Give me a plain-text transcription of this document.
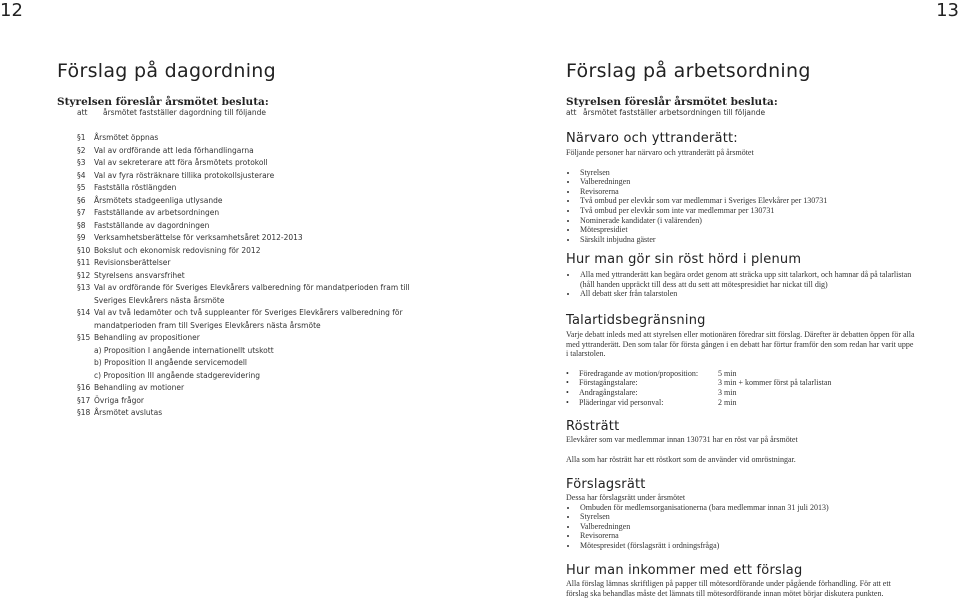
12	13
Förslag på dagordning
Styrelsen föreslår årsmötet besluta:
att årsmötet fastställer dagordning till följande
§1 Årsmötet öppnas
§2 Val av ordförande att leda förhandlingarna
§3 Val av sekreterare att föra årsmötets protokoll
§4 Val av fyra rösträknare tillika protokollsjusterare
§5 Fastställa röstlängden
§6 Årsmötets stadgeenliga utlysande
§7 Fastställande av arbetsordningen
§8 Fastställande av dagordningen
§9 Verksamhetsberättelse för verksamhetsåret 2012-2013
§10 Bokslut och ekonomisk redovisning för 2012
§11 Revisionsberättelser
§12 Styrelsens ansvarsfrihet
§13 Val av ordförande för Sveriges Elevkårers valberedning för mandatperioden fram till Sveriges Elevkårers nästa årsmöte
§14 Val av två ledamöter och två suppleanter för Sveriges Elevkårers valberedning för mandatperioden fram till Sveriges Elevkårers nästa årsmöte
§15 Behandling av propositioner
a) Proposition I angående internationellt utskott
b) Proposition II angående servicemodell
c) Proposition III angående stadgerevidering
§16 Behandling av motioner
§17 Övriga frågor
§18 Årsmötet avslutas
Förslag på arbetsordning
Styrelsen föreslår årsmötet besluta:
att årsmötet fastställer arbetsordningen till följande
Närvaro och yttranderätt:

Följande personer har närvaro och yttranderätt på årsmötet

• Styrelsen
• Valberedningen
• Revisorerna
• Två ombud per elevkår som var medlemmar i Sveriges Elevkårer per 130731
• Två ombud per elevkår som inte var medlemmar per 130731
• Nominerade kandidater (i valärenden)
• Mötespresidiet
• Särskilt inbjudna gäster
Hur man gör sin röst hörd i plenum
• Alla med yttranderätt kan begära ordet genom att sträcka upp sitt talarkort, och hamnar då på talarlistan (håll handen uppräckt till dess att du sett att mötespresidiet har nickat till dig)
• All debatt sker från talarstolen
Talartidsbegränsning

Varje debatt inleds med att styrelsen eller motionären föredrar sitt förslag. Därefter är debatten öppen för alla med yttranderätt. Den som talar för första gången i en debatt har förtur framför den som redan har varit uppe i talarstolen.

•	Föredragande av motion/proposition:	5 min
•	Förstagångstalare:	3 min + kommer först på talarlistan
•	Andragångstalare:	3 min
•	Pläderingar vid personval:	2 min
Rösträtt

Elevkårer som var medlemmar innan 130731 har en röst var på årsmötet

Alla som har rösträtt har ett röstkort som de använder vid omröstningar.

Förslagsrätt

Dessa har förslagsrätt under årsmötet

• Ombuden för medlemsorganisationerna (bara medlemmar innan 31 juli 2013)
• Styrelsen
• Valberedningen
• Revisorerna
• Mötespresidet (förslagsrätt i ordningsfråga)
Hur man inkommer med ett förslag

Alla förslag lämnas skriftligen på papper till mötesordförande under pågående förhandling. För att ett förslag ska behandlas måste det lämnats till mötesordförande innan mötet börjar diskutera punkten.
